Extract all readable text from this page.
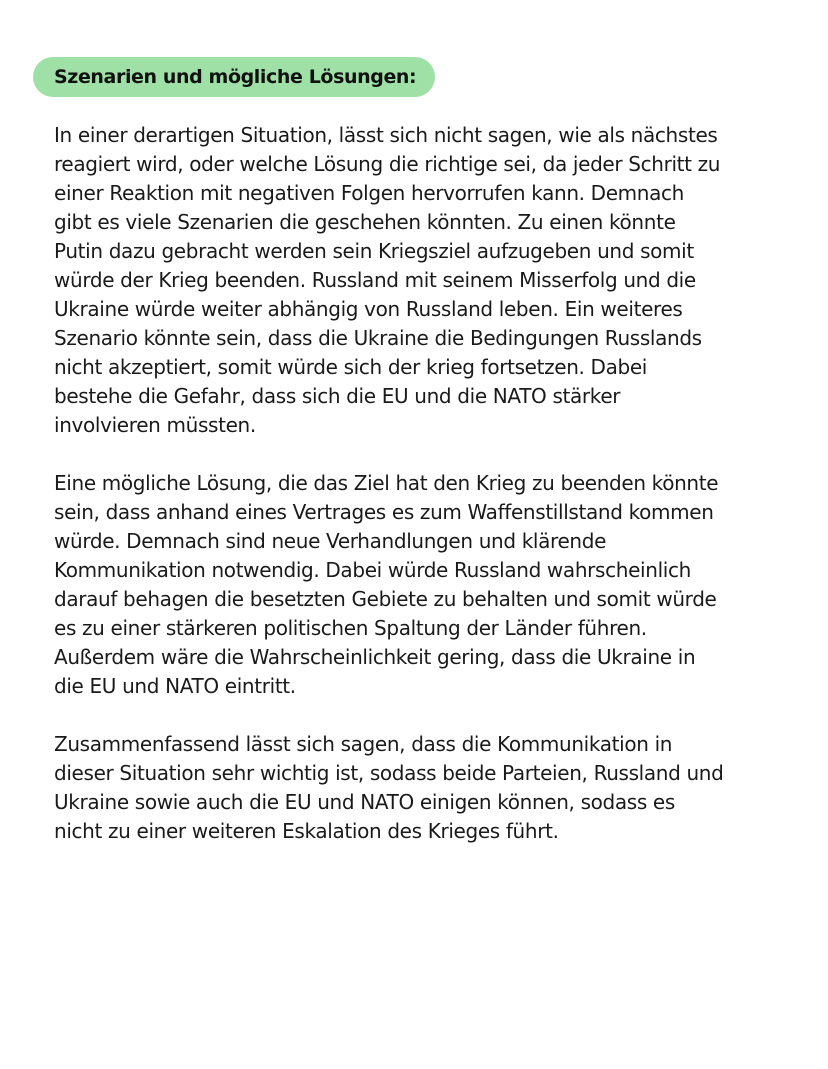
Szenarien und mögliche Lösungen:

In einer derartigen Situation, lässt sich nicht sagen, wie als nächstes
reagiert wird, oder welche Lösung die richtige sei, da jeder Schritt zu
einer Reaktion mit negativen Folgen hervorrufen kann. Demnach
gibt es viele Szenarien die geschehen könnten. Zu einen könnte
Putin dazu gebracht werden sein Kriegsziel aufzugeben und somit
würde der Krieg beenden. Russland mit seinem Misserfolg und die
Ukraine würde weiter abhängig von Russland leben. Ein weiteres
Szenario könnte sein, dass die Ukraine die Bedingungen Russlands
nicht akzeptiert, somit würde sich der krieg fortsetzen. Dabei
bestehe die Gefahr, dass sich die EU und die NATO stärker
involvieren müssten.

Eine mögliche Lösung, die das Ziel hat den Krieg zu beenden könnte
sein, dass anhand eines Vertrages es zum Waffenstillstand kommen
würde. Demnach sind neue Verhandlungen und klärende
Kommunikation notwendig. Dabei würde Russland wahrscheinlich
darauf behagen die besetzten Gebiete zu behalten und somit würde
es zu einer stärkeren politischen Spaltung der Länder führen.
Außerdem wäre die Wahrscheinlichkeit gering, dass die Ukraine in
die EU und NATO eintritt.

Zusammenfassend lässt sich sagen, dass die Kommunikation in
dieser Situation sehr wichtig ist, sodass beide Parteien, Russland und
Ukraine sowie auch die EU und NATO einigen können, sodass es
nicht zu einer weiteren Eskalation des Krieges führt.
